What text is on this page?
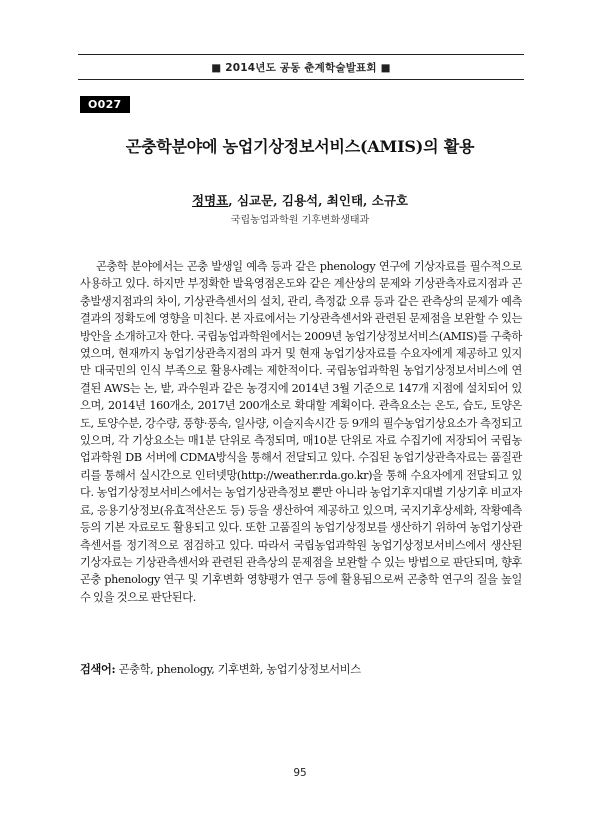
■ 2014년도 공동 춘계학술발표회 ■
O027
곤충학분야에 농업기상정보서비스(AMIS)의 활용
정명표, 심교문, 김용석, 최인태, 소규호
국립농업과학원 기후변화생태과

곤충학 분야에서는 곤충 발생일 예측 등과 같은 phenology 연구에 기상자료를 필수적으로 사용하고 있다. 하지만 부정확한 발육영점온도와 같은 계산상의 문제와 기상관측자료지점과 곤충발생지점과의 차이, 기상관측센서의 설치, 관리, 측정값 오류 등과 같은 관측상의 문제가 예측결과의 정확도에 영향을 미친다. 본 자료에서는 기상관측센서와 관련된 문제점을 보완할 수 있는 방안을 소개하고자 한다. 국립농업과학원에서는 2009년 농업기상정보서비스(AMIS)를 구축하였으며, 현재까지 농업기상관측지점의 과거 및 현재 농업기상자료를 수요자에게 제공하고 있지만 대국민의 인식 부족으로 활용사례는 제한적이다. 국립농업과학원 농업기상정보서비스에 연결된 AWS는 논, 밭, 과수원과 같은 농경지에 2014년 3월 기준으로 147개 지점에 설치되어 있으며, 2014년 160개소, 2017년 200개소로 확대할 계획이다. 관측요소는 온도, 습도, 토양온도, 토양수분, 강수량, 풍향·풍속, 일사량, 이슬지속시간 등 9개의 필수농업기상요소가 측정되고 있으며, 각 기상요소는 매1분 단위로 측정되며, 매10분 단위로 자료 수집기에 저장되어 국립농업과학원 DB 서버에 CDMA방식을 통해서 전달되고 있다. 수집된 농업기상관측자료는 품질관리를 통해서 실시간으로 인터넷망(http://weather.rda.go.kr)을 통해 수요자에게 전달되고 있다. 농업기상정보서비스에서는 농업기상관측정보 뿐만 아니라 농업기후지대별 기상기후 비교자료, 응용기상정보(유효적산온도 등) 등을 생산하여 제공하고 있으며, 국지기후상세화, 작황예측 등의 기본 자료로도 활용되고 있다. 또한 고품질의 농업기상정보를 생산하기 위하여 농업기상관측센서를 정기적으로 점검하고 있다. 따라서 국립농업과학원 농업기상정보서비스에서 생산된 기상자료는 기상관측센서와 관련된 관측상의 문제점을 보완할 수 있는 방법으로 판단되며, 향후 곤충 phenology 연구 및 기후변화 영향평가 연구 등에 활용됨으로써 곤충학 연구의 질을 높일 수 있을 것으로 판단된다.

검색어: 곤충학, phenology, 기후변화, 농업기상정보서비스
95
